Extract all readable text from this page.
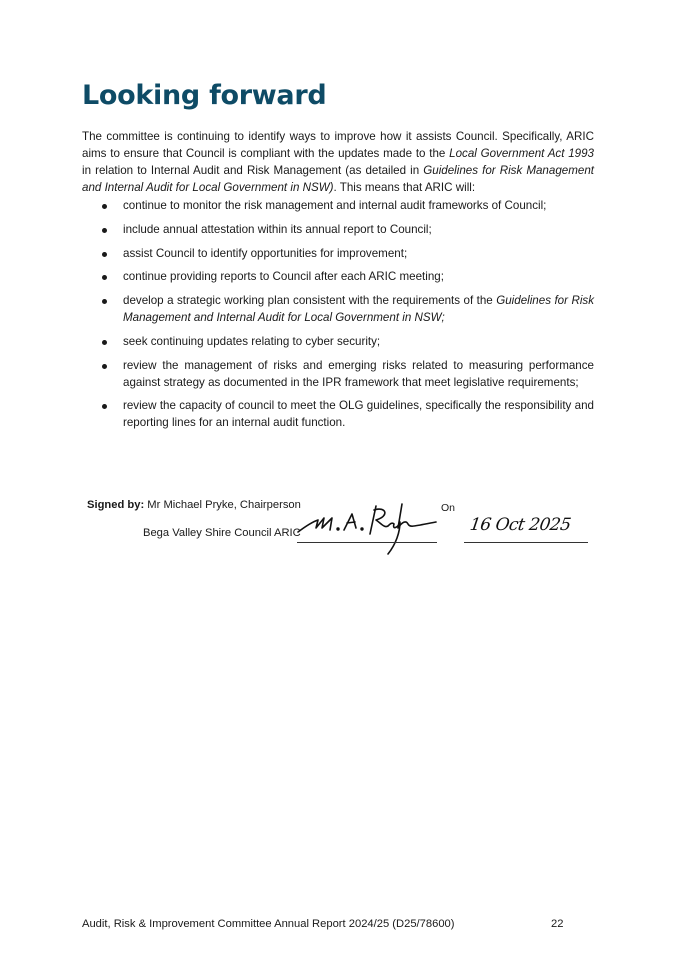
Looking forward

The committee is continuing to identify ways to improve how it assists Council. Specifically, ARIC aims to ensure that Council is compliant with the updates made to the Local Government Act 1993 in relation to Internal Audit and Risk Management (as detailed in Guidelines for Risk Management and Internal Audit for Local Government in NSW). This means that ARIC will:

continue to monitor the risk management and internal audit frameworks of Council;
include annual attestation within its annual report to Council;
assist Council to identify opportunities for improvement;
continue providing reports to Council after each ARIC meeting;
develop a strategic working plan consistent with the requirements of the Guidelines for Risk Management and Internal Audit for Local Government in NSW;
seek continuing updates relating to cyber security;
review the management of risks and emerging risks related to measuring performance against strategy as documented in the IPR framework that meet legislative requirements;
review the capacity of council to meet the OLG guidelines, specifically the responsibility and reporting lines for an internal audit function.
Signed by: Mr Michael Pryke, Chairperson
Bega Valley Shire Council ARIC
On
16 Oct 2025
Audit, Risk & Improvement Committee Annual Report 2024/25 (D25/78600)	22
